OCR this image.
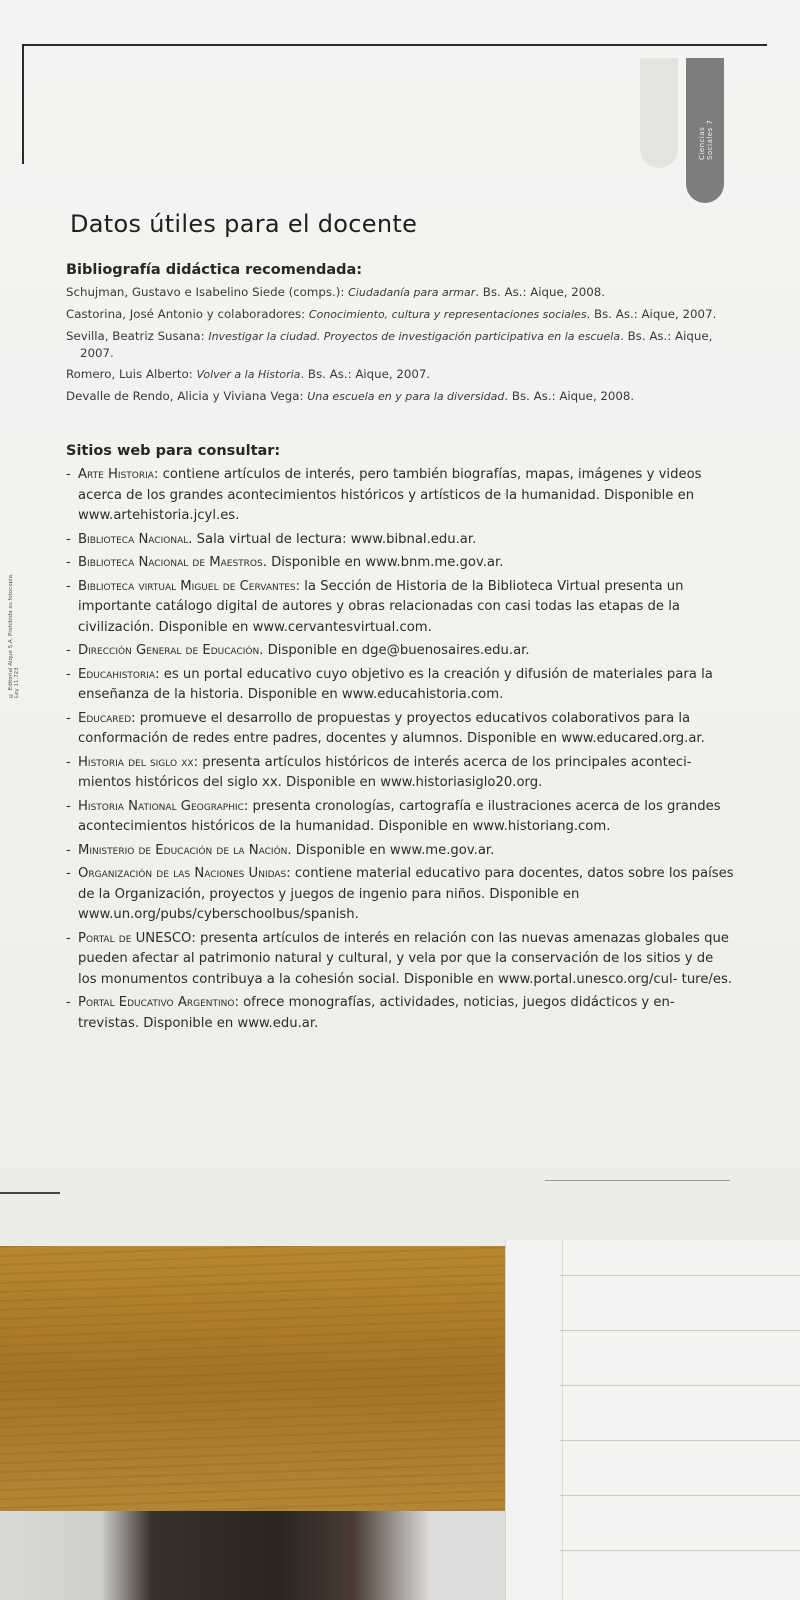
Ciencias Sociales 7
© Editorial Aique S.A. Prohibida su fotocopia. Ley 11.723
Datos útiles para el docente
Bibliografía didáctica recomendada:
Schujman, Gustavo e Isabelino Siede (comps.): Ciudadanía para armar. Bs. As.: Aique, 2008.
Castorina, José Antonio y colaboradores: Conocimiento, cultura y representaciones sociales. Bs. As.: Aique, 2007.
Sevilla, Beatriz Susana: Investigar la ciudad. Proyectos de investigación participativa en la escuela. Bs. As.: Aique, 2007.
Romero, Luis Alberto: Volver a la Historia. Bs. As.: Aique, 2007.
Devalle de Rendo, Alicia y Viviana Vega: Una escuela en y para la diversidad. Bs. As.: Aique, 2008.
Sitios web para consultar:
- Arte Historia: contiene artículos de interés, pero también biografías, mapas, imágenes y videos acerca de los grandes acontecimientos históricos y artísticos de la humanidad. Disponible en www.artehistoria.jcyl.es.
- Biblioteca Nacional. Sala virtual de lectura: www.bibnal.edu.ar.
- Biblioteca Nacional de Maestros. Disponible en www.bnm.me.gov.ar.
- Biblioteca virtual Miguel de Cervantes: la Sección de Historia de la Biblioteca Virtual presenta un importante catálogo digital de autores y obras relacionadas con casi todas las etapas de la civilización. Disponible en www.cervantesvirtual.com.
- Dirección General de Educación. Disponible en dge@buenosaires.edu.ar.
- Educahistoria: es un portal educativo cuyo objetivo es la creación y difusión de materiales para la enseñanza de la historia. Disponible en www.educahistoria.com.
- Educared: promueve el desarrollo de propuestas y proyectos educativos colaborativos para la conformación de redes entre padres, docentes y alumnos. Disponible en www.educared.org.ar.
- Historia del siglo xx: presenta artículos históricos de interés acerca de los principales aconteci- mientos históricos del siglo xx. Disponible en www.historiasiglo20.org.
- Historia National Geographic: presenta cronologías, cartografía e ilustraciones acerca de los grandes acontecimientos históricos de la humanidad. Disponible en www.historiang.com.
- Ministerio de Educación de la Nación. Disponible en www.me.gov.ar.
- Organización de las Naciones Unidas: contiene material educativo para docentes, datos sobre los países de la Organización, proyectos y juegos de ingenio para niños. Disponible en www.un.org/pubs/cyberschoolbus/spanish.
- Portal de UNESCO: presenta artículos de interés en relación con las nuevas amenazas globales que pueden afectar al patrimonio natural y cultural, y vela por que la conservación de los sitios y de los monumentos contribuya a la cohesión social. Disponible en www.portal.unesco.org/cul- ture/es.
- Portal Educativo Argentino: ofrece monografías, actividades, noticias, juegos didácticos y en- trevistas. Disponible en www.edu.ar.
